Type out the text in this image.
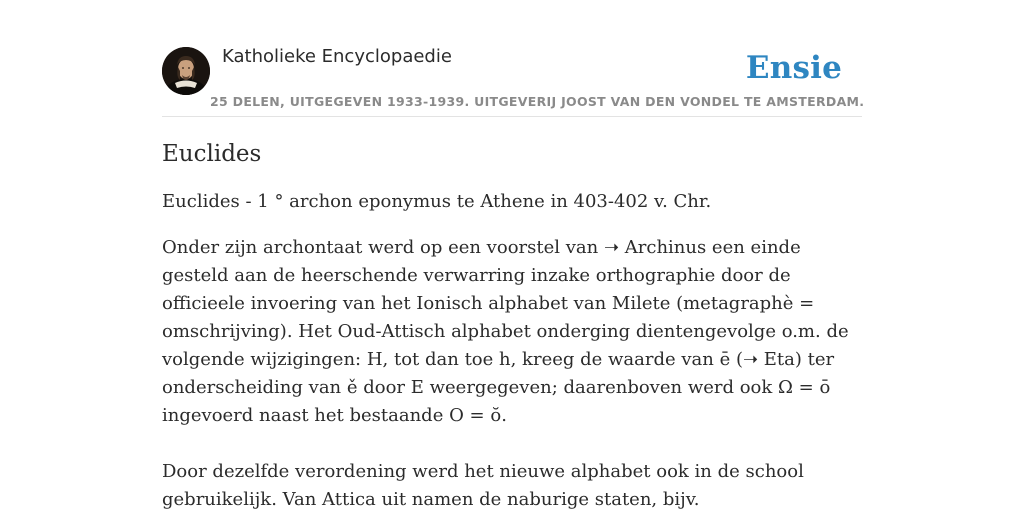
Katholieke Encyclopaedie	Ensie
25 DELEN, UITGEGEVEN 1933-1939. UITGEVERIJ JOOST VAN DEN VONDEL TE AMSTERDAM.
Euclides

Euclides - 1 ° archon eponymus te Athene in 403-402 v. Chr.

Onder zijn archontaat werd op een voorstel van ➝ Archinus een einde gesteld aan de heerschende verwarring inzake orthographie door de officieele invoering van het Ionisch alphabet van Milete (metagraphè = omschrijving). Het Oud-Attisch alphabet onderging dientengevolge o.m. de volgende wijzigingen: H, tot dan toe h, kreeg de waarde van ē (➝ Eta) ter onderscheiding van ě door E weergegeven; daarenboven werd ook Ω = ō ingevoerd naast het bestaande O = ŏ.

Door dezelfde verordening werd het nieuwe alphabet ook in de school gebruikelijk. Van Attica uit namen de naburige staten, bijv.
